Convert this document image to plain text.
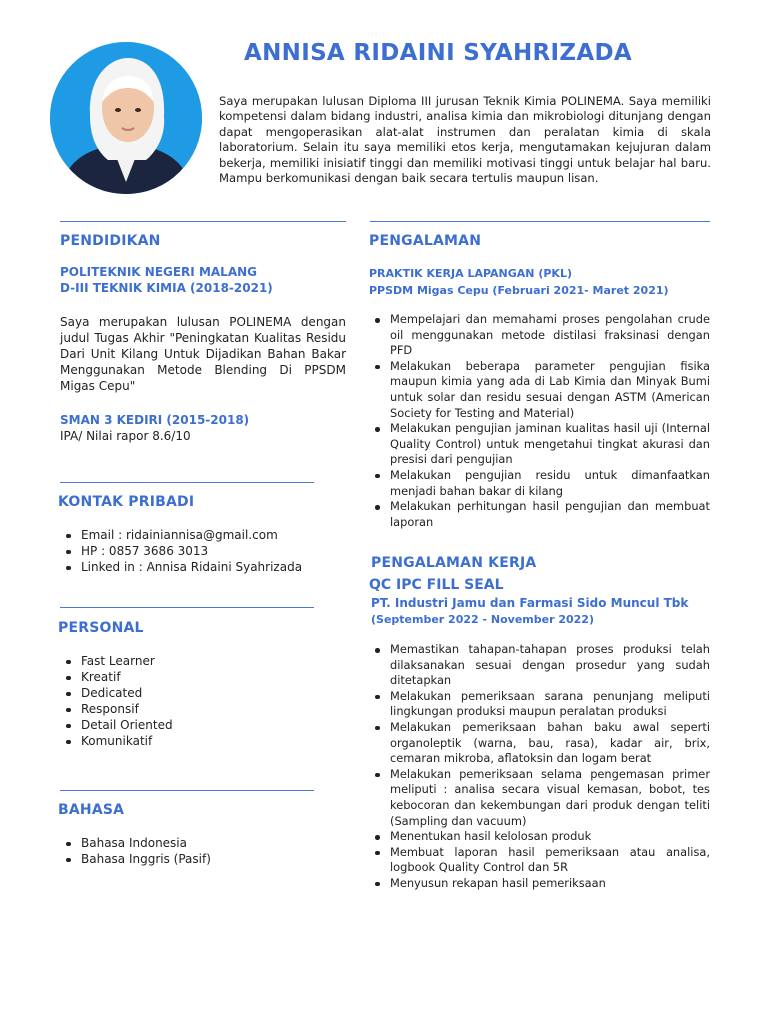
ANNISA RIDAINI SYAHRIZADA

Saya merupakan lulusan Diploma III jurusan Teknik Kimia POLINEMA. Saya memiliki kompetensi dalam bidang industri, analisa kimia dan mikrobiologi ditunjang dengan dapat mengoperasikan alat-alat instrumen dan peralatan kimia di skala laboratorium. Selain itu saya memiliki etos kerja, mengutamakan kejujuran dalam bekerja, memiliki inisiatif tinggi dan memiliki motivasi tinggi untuk belajar hal baru. Mampu berkomunikasi dengan baik secara tertulis maupun lisan.

PENDIDIKAN

POLITEKNIK NEGERI MALANG

D-III TEKNIK KIMIA (2018-2021)

Saya merupakan lulusan POLINEMA dengan judul Tugas Akhir "Peningkatan Kualitas Residu Dari Unit Kilang Untuk Dijadikan Bahan Bakar Menggunakan Metode Blending Di PPSDM Migas Cepu"

SMAN 3 KEDIRI (2015-2018)

IPA/ Nilai rapor 8.6/10

KONTAK PRIBADI
Email : ridainiannisa@gmail.com
HP : 0857 3686 3013
Linked in : Annisa Ridaini Syahrizada
PERSONAL
Fast Learner
Kreatif
Dedicated
Responsif
Detail Oriented
Komunikatif
BAHASA
Bahasa Indonesia
Bahasa Inggris (Pasif)
PENGALAMAN

PRAKTIK KERJA LAPANGAN (PKL)

PPSDM Migas Cepu (Februari 2021- Maret 2021)

Mempelajari dan memahami proses pengolahan crude oil menggunakan metode distilasi fraksinasi dengan PFD
Melakukan beberapa parameter pengujian fisika maupun kimia yang ada di Lab Kimia dan Minyak Bumi untuk solar dan residu sesuai dengan ASTM (American Society for Testing and Material)
Melakukan pengujian jaminan kualitas hasil uji (Internal Quality Control) untuk mengetahui tingkat akurasi dan presisi dari pengujian
Melakukan pengujian residu untuk dimanfaatkan menjadi bahan bakar di kilang
Melakukan perhitungan hasil pengujian dan membuat laporan
PENGALAMAN KERJA

QC IPC FILL SEAL

PT. Industri Jamu dan Farmasi Sido Muncul Tbk

(September 2022 - November 2022)

Memastikan tahapan-tahapan proses produksi telah dilaksanakan sesuai dengan prosedur yang sudah ditetapkan
Melakukan pemeriksaan sarana penunjang meliputi lingkungan produksi maupun peralatan produksi
Melakukan pemeriksaan bahan baku awal seperti organoleptik (warna, bau, rasa), kadar air, brix, cemaran mikroba, aflatoksin dan logam berat
Melakukan pemeriksaan selama pengemasan primer meliputi : analisa secara visual kemasan, bobot, tes kebocoran dan kekembungan dari produk dengan teliti (Sampling dan vacuum)
Menentukan hasil kelolosan produk
Membuat laporan hasil pemeriksaan atau analisa, logbook Quality Control dan 5R
Menyusun rekapan hasil pemeriksaan
